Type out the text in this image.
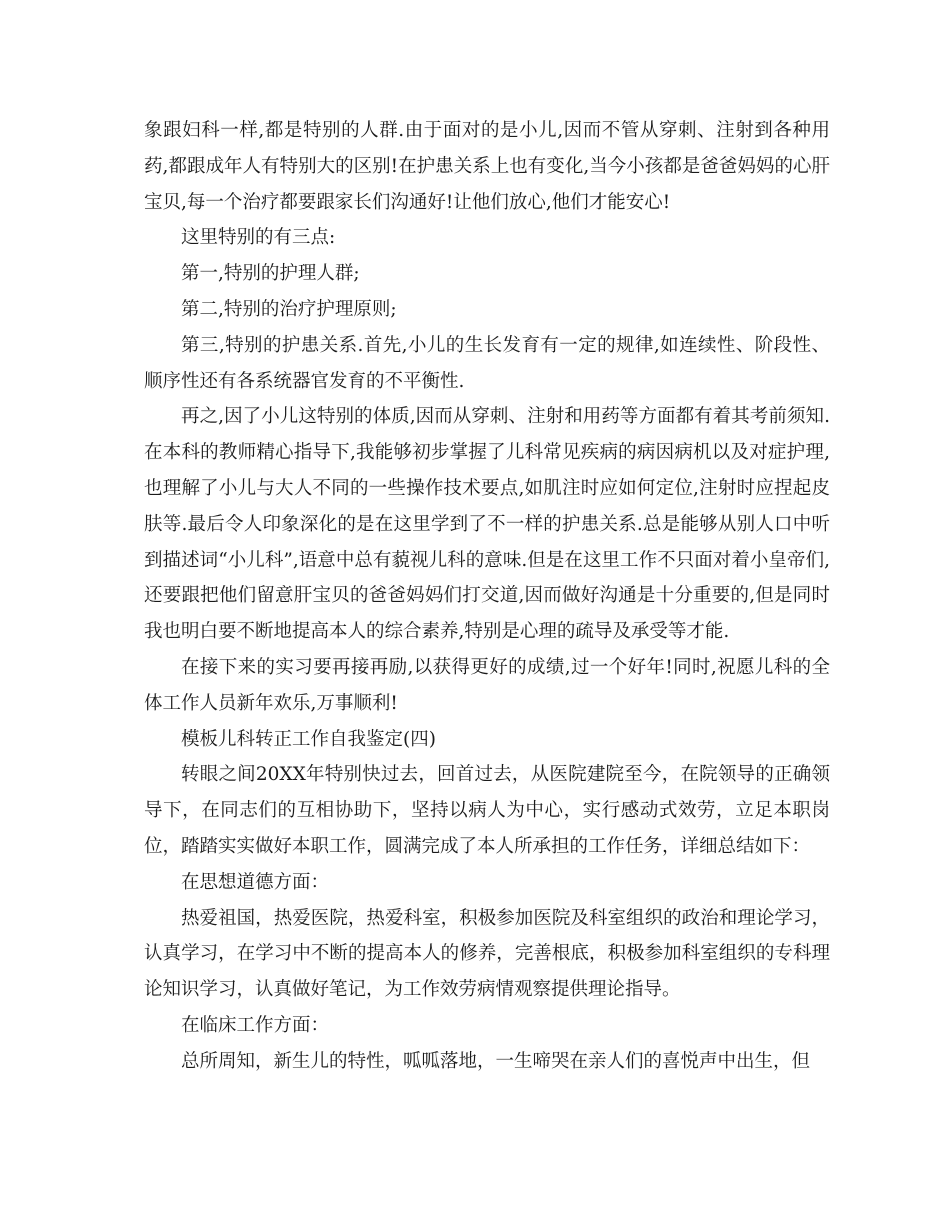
象跟妇科一样,都是特别的人群.由于面对的是小儿,因而不管从穿刺、注射到各种用药,都跟成年人有特别大的区别!在护患关系上也有变化,当今小孩都是爸爸妈妈的心肝宝贝,每一个治疗都要跟家长们沟通好!让他们放心,他们才能安心!

这里特别的有三点:

第一,特别的护理人群;

第二,特别的治疗护理原则;

第三,特别的护患关系.首先,小儿的生长发育有一定的规律,如连续性、阶段性、顺序性还有各系统器官发育的不平衡性.

再之,因了小儿这特别的体质,因而从穿刺、注射和用药等方面都有着其考前须知.在本科的教师精心指导下,我能够初步掌握了儿科常见疾病的病因病机以及对症护理,也理解了小儿与大人不同的一些操作技术要点,如肌注时应如何定位,注射时应捏起皮肤等.最后令人印象深化的是在这里学到了不一样的护患关系.总是能够从别人口中听到描述词“小儿科”,语意中总有藐视儿科的意味.但是在这里工作不只面对着小皇帝们,还要跟把他们留意肝宝贝的爸爸妈妈们打交道,因而做好沟通是十分重要的,但是同时我也明白要不断地提高本人的综合素养,特别是心理的疏导及承受等才能.

在接下来的实习要再接再励,以获得更好的成绩,过一个好年!同时,祝愿儿科的全体工作人员新年欢乐,万事顺利!

模板儿科转正工作自我鉴定(四)

转眼之间20XX年特别快过去，回首过去，从医院建院至今，在院领导的正确领导下，在同志们的互相协助下，坚持以病人为中心，实行感动式效劳，立足本职岗位，踏踏实实做好本职工作，圆满完成了本人所承担的工作任务，详细总结如下：

在思想道德方面：

热爱祖国，热爱医院，热爱科室，积极参加医院及科室组织的政治和理论学习，认真学习，在学习中不断的提高本人的修养，完善根底，积极参加科室组织的专科理论知识学习，认真做好笔记，为工作效劳病情观察提供理论指导。

在临床工作方面：

总所周知，新生儿的特性，呱呱落地，一生啼哭在亲人们的喜悦声中出生，但
